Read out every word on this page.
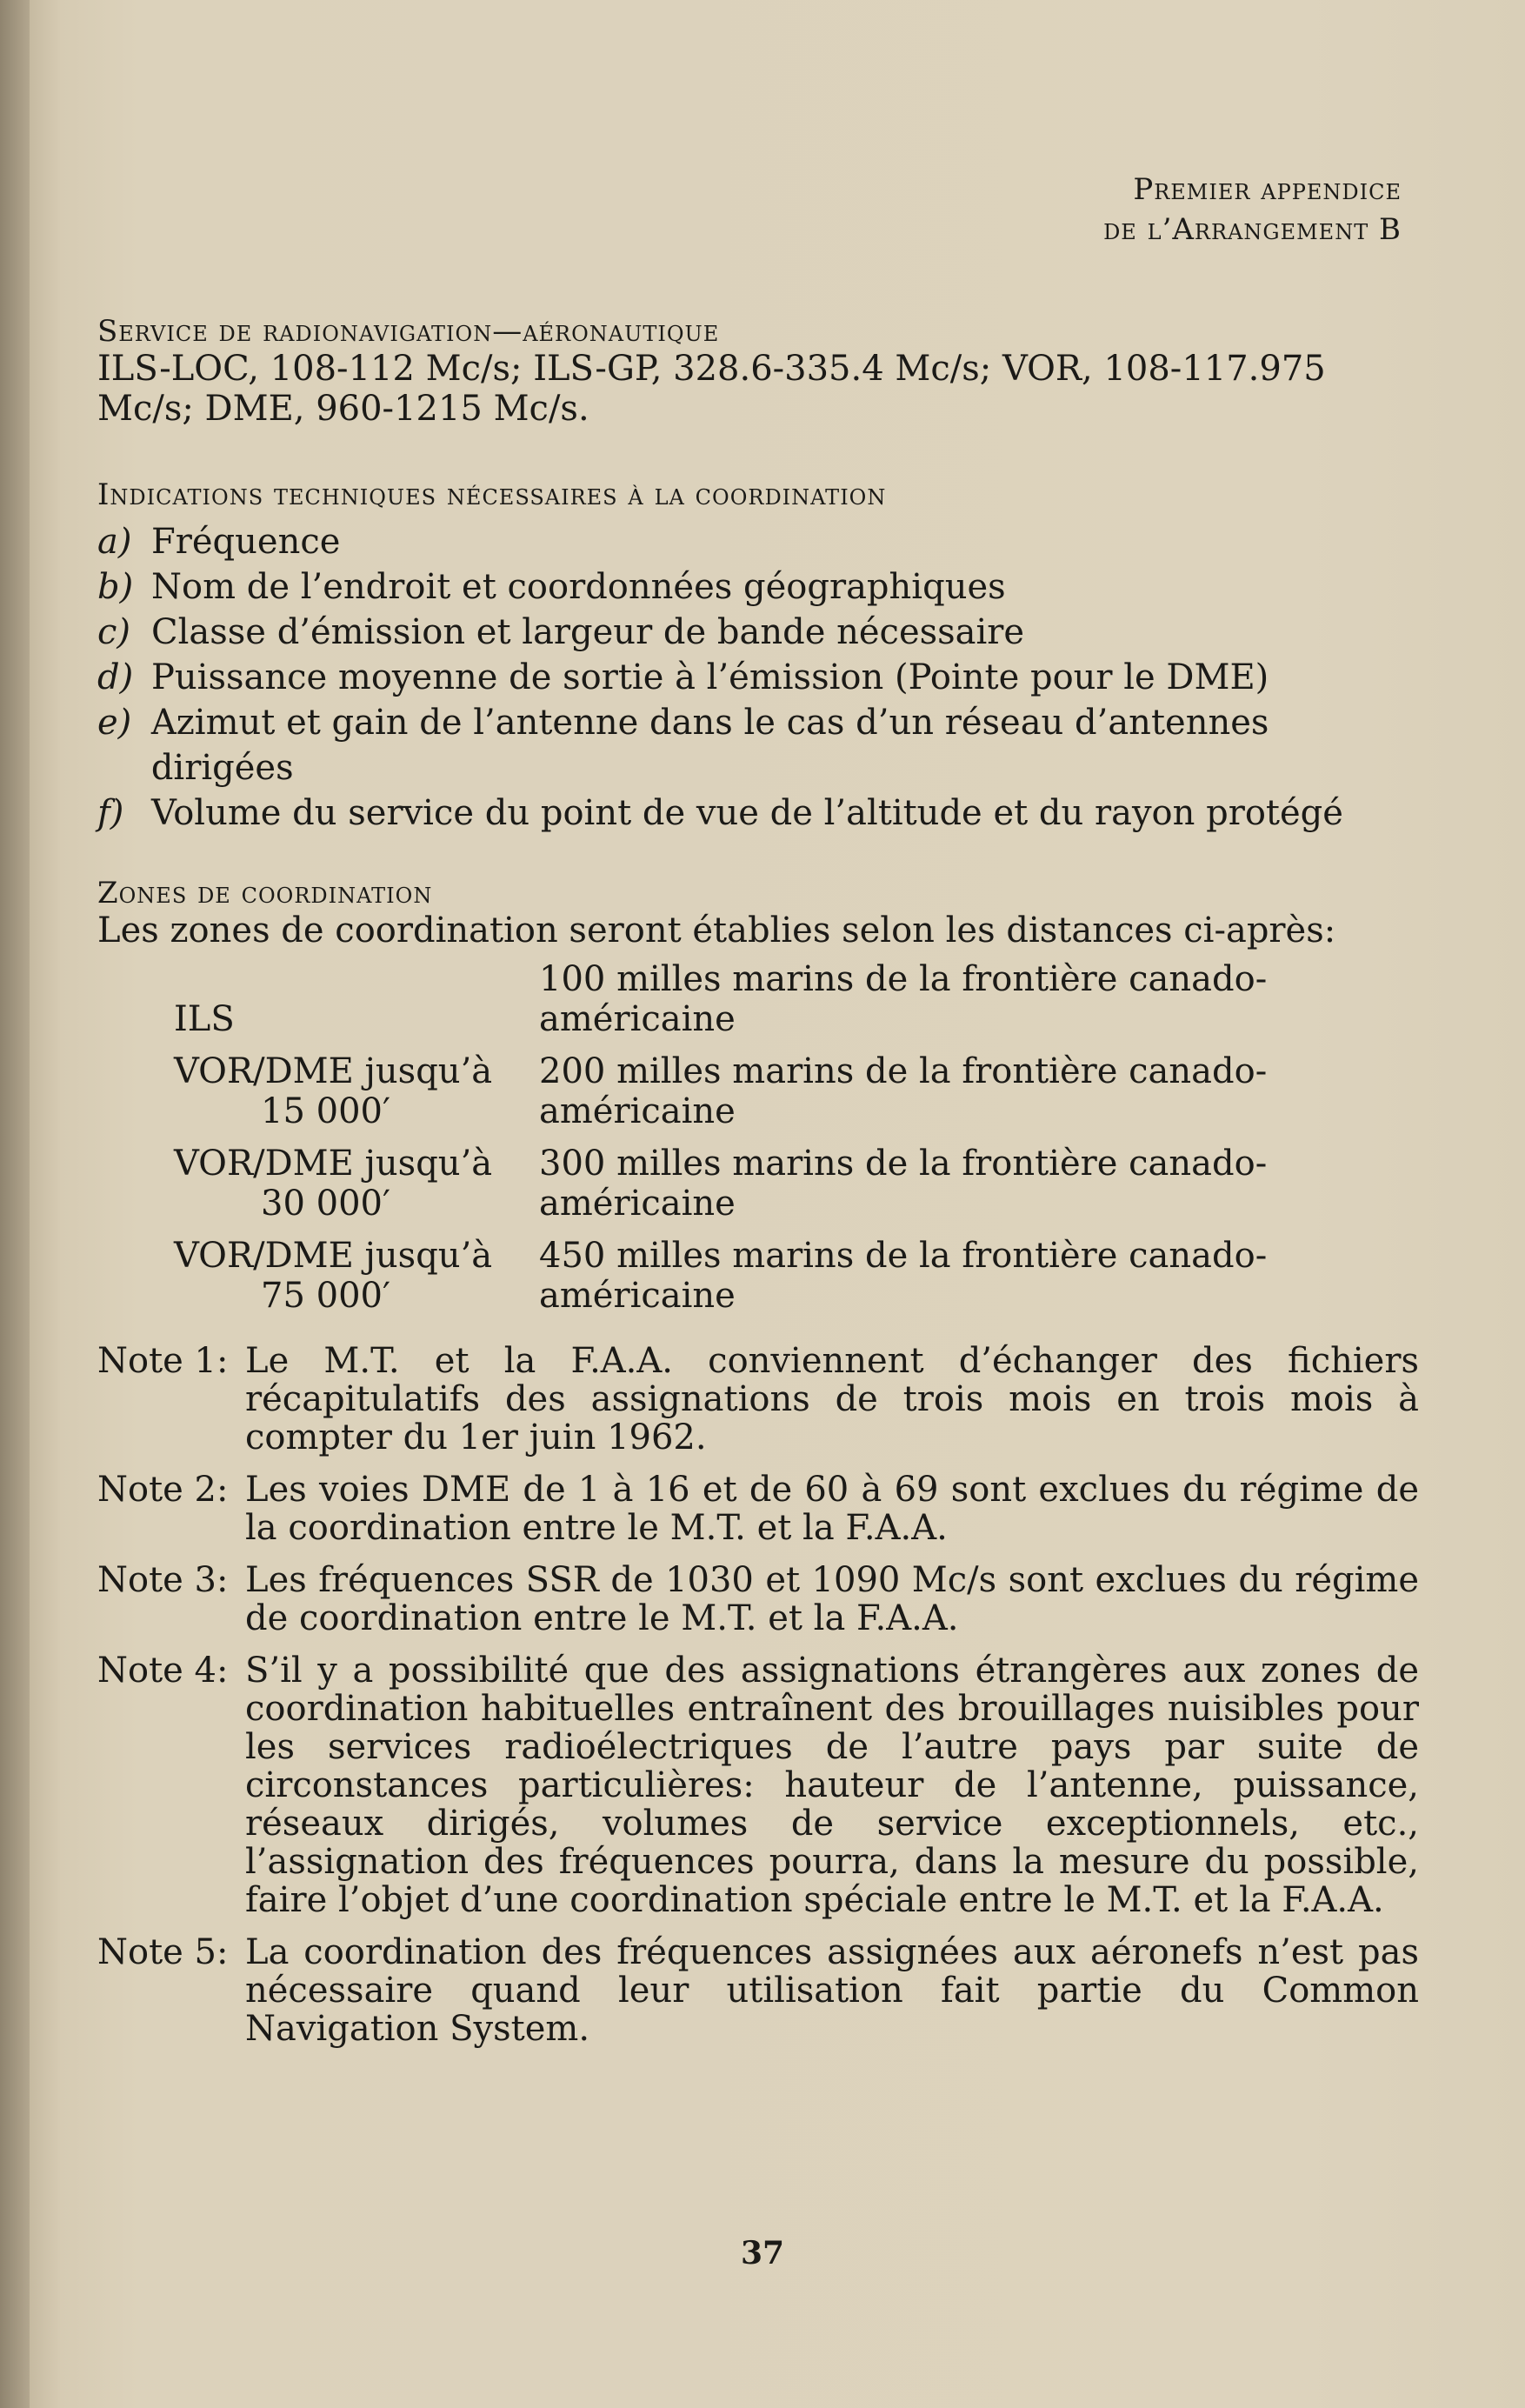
Premier appendice
de l’Arrangement B
Service de radionavigation—aéronautique
ILS-LOC, 108-112 Mc/s; ILS-GP, 328.6-335.4 Mc/s; VOR, 108-117.975 Mc/s; DME, 960-1215 Mc/s.
Indications techniques nécessaires à la coordination
a) Fréquence
b) Nom de l’endroit et coordonnées géographiques
c) Classe d’émission et largeur de bande nécessaire
d) Puissance moyenne de sortie à l’émission (Pointe pour le DME)
e) Azimut et gain de l’antenne dans le cas d’un réseau d’antennes dirigées
f) Volume du service du point de vue de l’altitude et du rayon protégé
Zones de coordination
Les zones de coordination seront établies selon les distances ci-après:
ILS	100 milles marins de la frontière canado-américaine
VOR/DME jusqu’à
15 000′	200 milles marins de la frontière canado-américaine
VOR/DME jusqu’à
30 000′	300 milles marins de la frontière canado-américaine
VOR/DME jusqu’à
75 000′	450 milles marins de la frontière canado-américaine
Note 1: Le M.T. et la F.A.A. conviennent d’échanger des fichiers récapitulatifs des assignations de trois mois en trois mois à compter du 1er juin 1962.
Note 2: Les voies DME de 1 à 16 et de 60 à 69 sont exclues du régime de la coordination entre le M.T. et la F.A.A.
Note 3: Les fréquences SSR de 1030 et 1090 Mc/s sont exclues du régime de coordination entre le M.T. et la F.A.A.
Note 4: S’il y a possibilité que des assignations étrangères aux zones de coordination habituelles entraînent des brouillages nuisibles pour les services radioélectriques de l’autre pays par suite de circonstances particulières: hauteur de l’antenne, puissance, réseaux dirigés, volumes de service exceptionnels, etc., l’assignation des fréquences pourra, dans la mesure du possible, faire l’objet d’une coordination spéciale entre le M.T. et la F.A.A.
Note 5: La coordination des fréquences assignées aux aéronefs n’est pas nécessaire quand leur utilisation fait partie du Common Navigation System.
37
